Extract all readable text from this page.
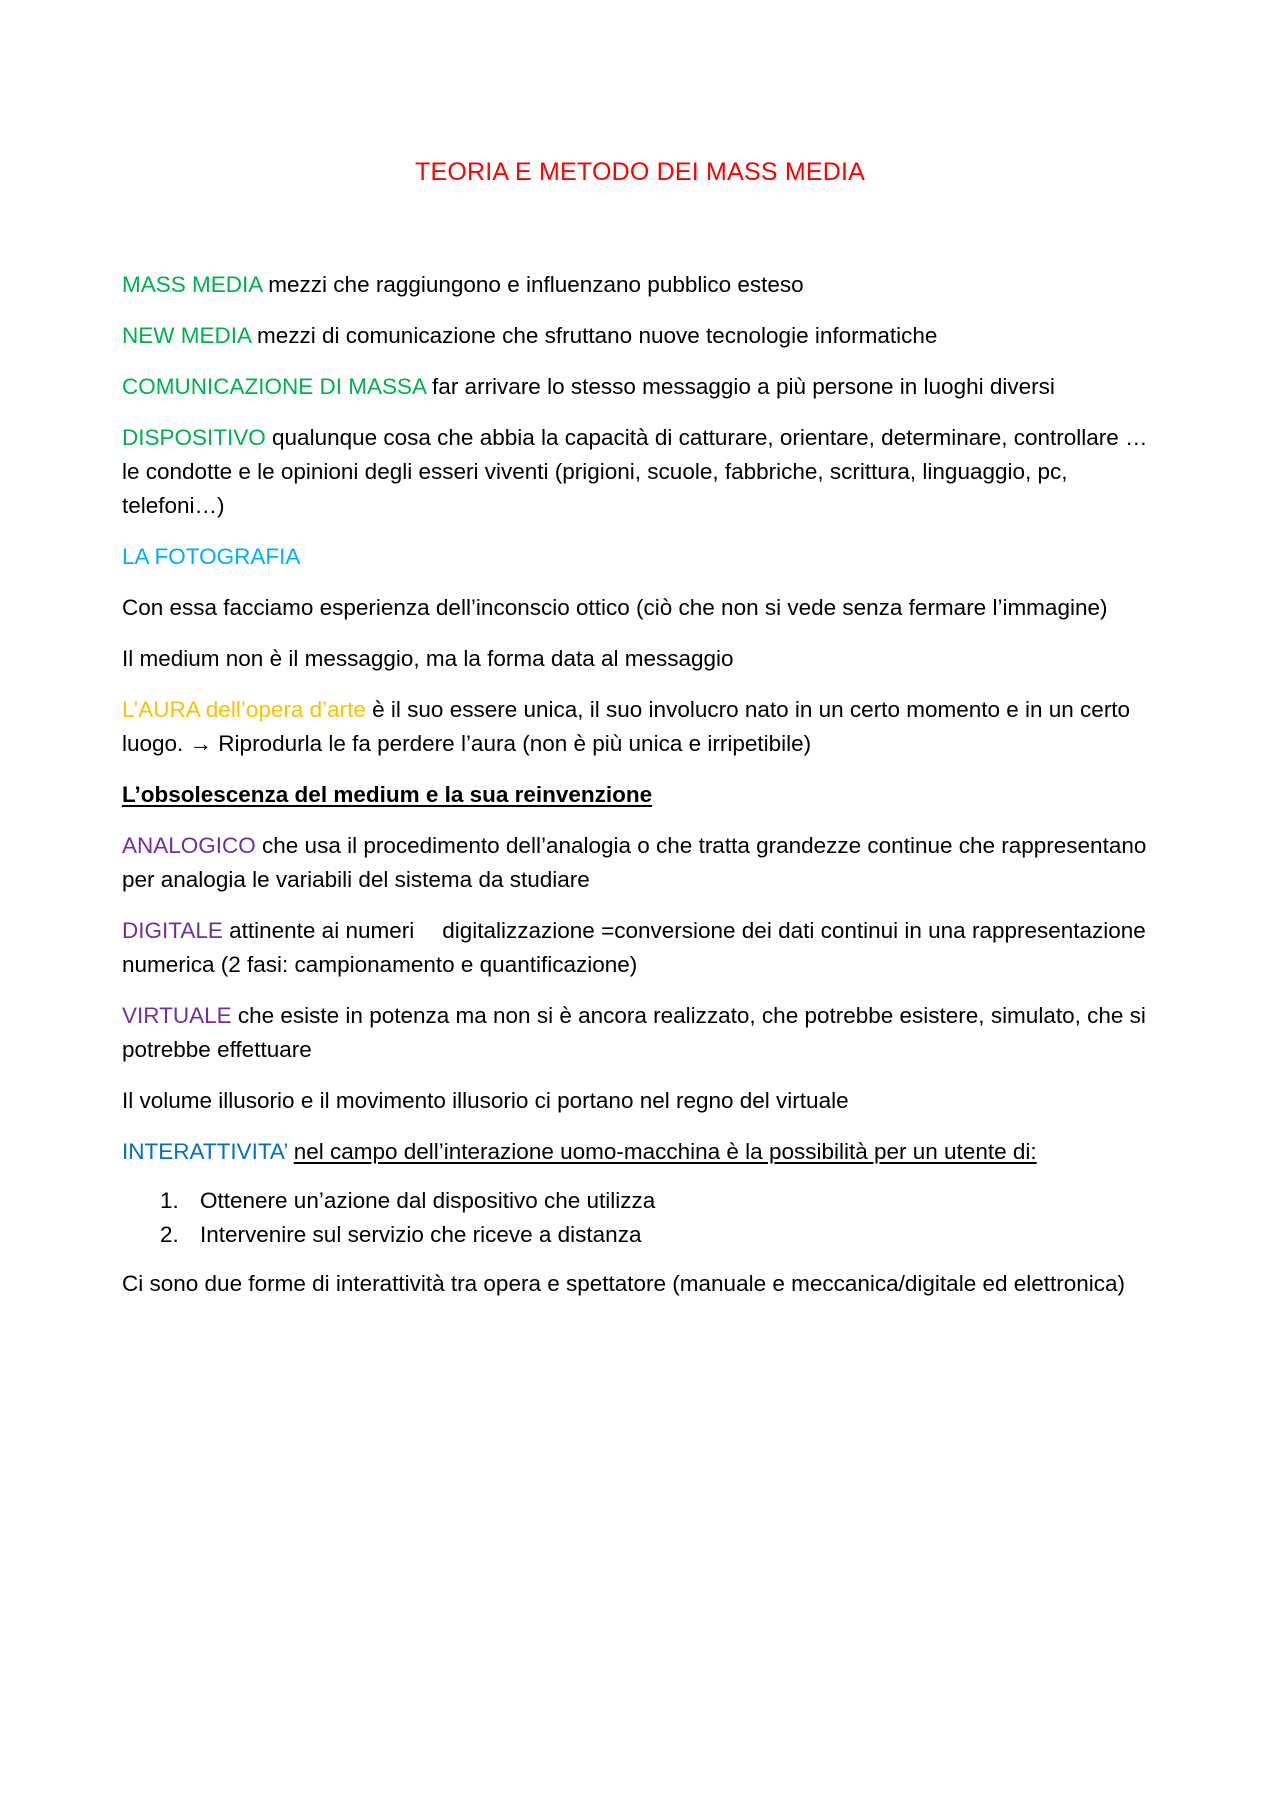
TEORIA E METODO DEI MASS MEDIA

MASS MEDIA mezzi che raggiungono e influenzano pubblico esteso

NEW MEDIA mezzi di comunicazione che sfruttano nuove tecnologie informatiche

COMUNICAZIONE DI MASSA far arrivare lo stesso messaggio a più persone in luoghi diversi

DISPOSITIVO qualunque cosa che abbia la capacità di catturare, orientare, determinare, controllare … le condotte e le opinioni degli esseri viventi (prigioni, scuole, fabbriche, scrittura, linguaggio, pc, telefoni…)

LA FOTOGRAFIA

Con essa facciamo esperienza dell’inconscio ottico (ciò che non si vede senza fermare l’immagine)

Il medium non è il messaggio, ma la forma data al messaggio

L’AURA dell’opera d’arte è il suo essere unica, il suo involucro nato in un certo momento e in un certo luogo. → Riprodurla le fa perdere l’aura (non è più unica e irripetibile)

L’obsolescenza del medium e la sua reinvenzione

ANALOGICO che usa il procedimento dell’analogia o che tratta grandezze continue che rappresentano per analogia le variabili del sistema da studiare

DIGITALE attinente ai numeri digitalizzazione =conversione dei dati continui in una rappresentazione numerica (2 fasi: campionamento e quantificazione)

VIRTUALE che esiste in potenza ma non si è ancora realizzato, che potrebbe esistere, simulato, che si potrebbe effettuare

Il volume illusorio e il movimento illusorio ci portano nel regno del virtuale

INTERATTIVITA’ nel campo dell’interazione uomo-macchina è la possibilità per un utente di:

1. Ottenere un’azione dal dispositivo che utilizza
2. Intervenire sul servizio che riceve a distanza

Ci sono due forme di interattività tra opera e spettatore (manuale e meccanica/digitale ed elettronica)
